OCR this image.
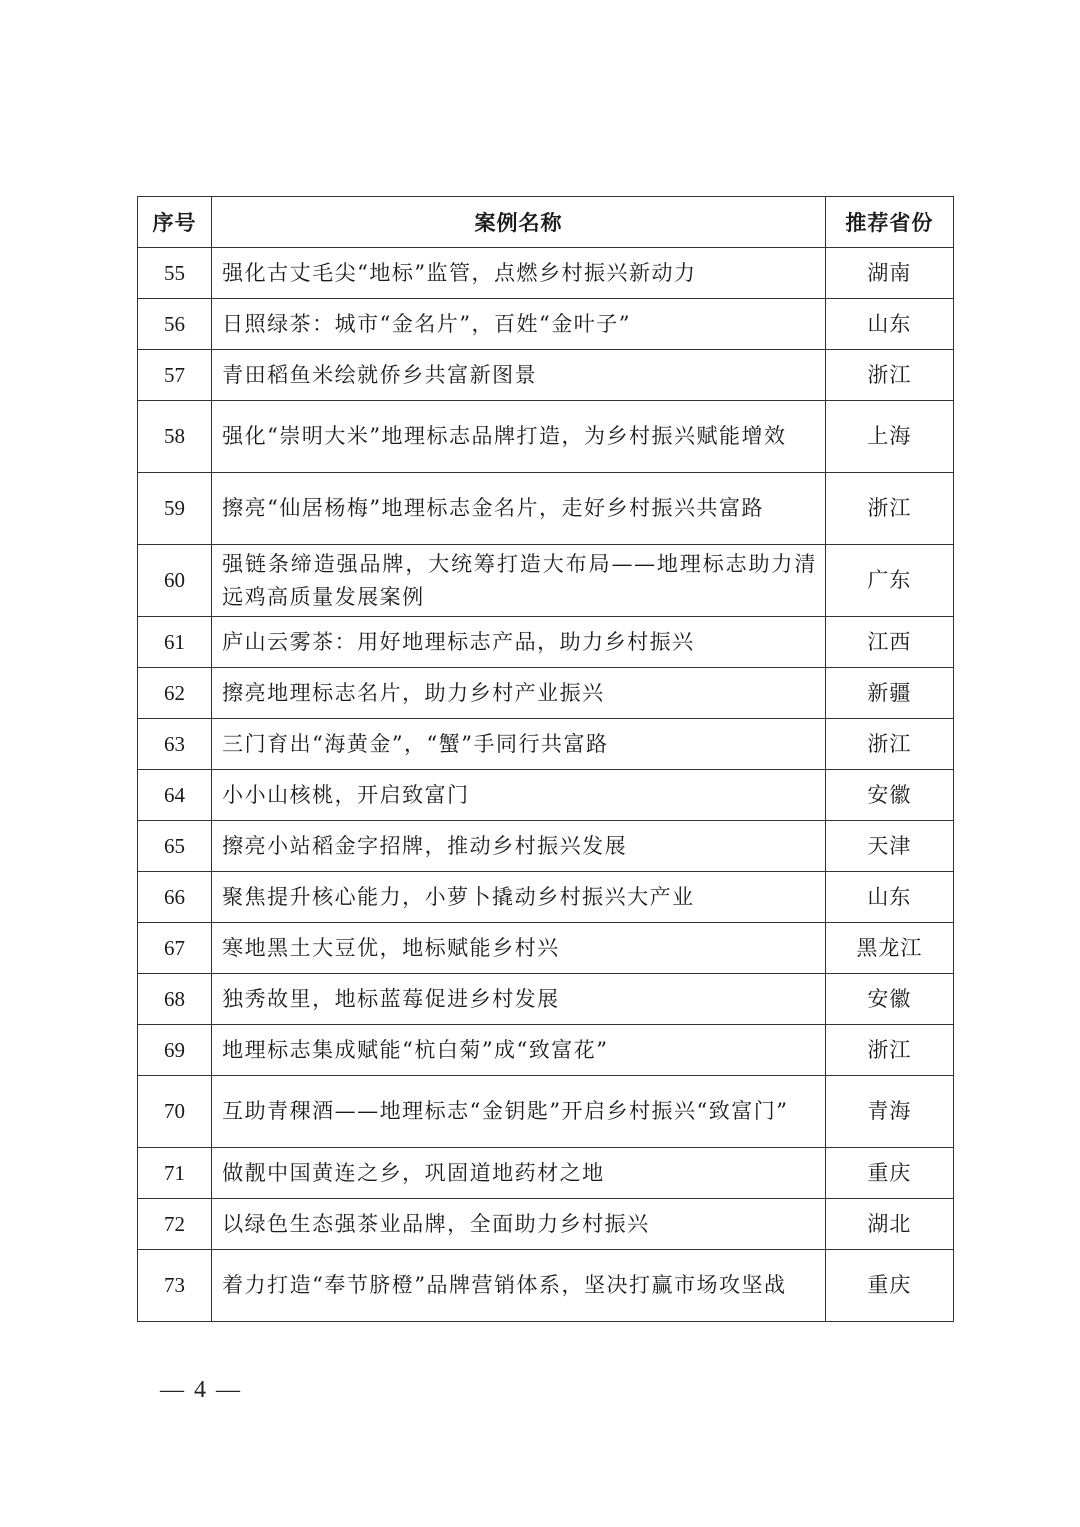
序号	案例名称	推荐省份
55	强化古丈毛尖“地标”监管，点燃乡村振兴新动力	湖南
56	日照绿茶：城市“金名片”，百姓“金叶子”	山东
57	青田稻鱼米绘就侨乡共富新图景	浙江
58	强化“崇明大米”地理标志品牌打造，为乡村振兴赋能增效	上海
59	擦亮“仙居杨梅”地理标志金名片，走好乡村振兴共富路	浙江
60	强链条缔造强品牌，大统筹打造大布局——地理标志助力清远鸡高质量发展案例	广东
61	庐山云雾茶：用好地理标志产品，助力乡村振兴	江西
62	擦亮地理标志名片，助力乡村产业振兴	新疆
63	三门育出“海黄金”，“蟹”手同行共富路	浙江
64	小小山核桃，开启致富门	安徽
65	擦亮小站稻金字招牌，推动乡村振兴发展	天津
66	聚焦提升核心能力，小萝卜撬动乡村振兴大产业	山东
67	寒地黑土大豆优，地标赋能乡村兴	黑龙江
68	独秀故里，地标蓝莓促进乡村发展	安徽
69	地理标志集成赋能“杭白菊”成“致富花”	浙江
70	互助青稞酒——地理标志“金钥匙”开启乡村振兴“致富门”	青海
71	做靓中国黄连之乡，巩固道地药材之地	重庆
72	以绿色生态强茶业品牌，全面助力乡村振兴	湖北
73	着力打造“奉节脐橙”品牌营销体系，坚决打赢市场攻坚战	重庆
— 4 —
